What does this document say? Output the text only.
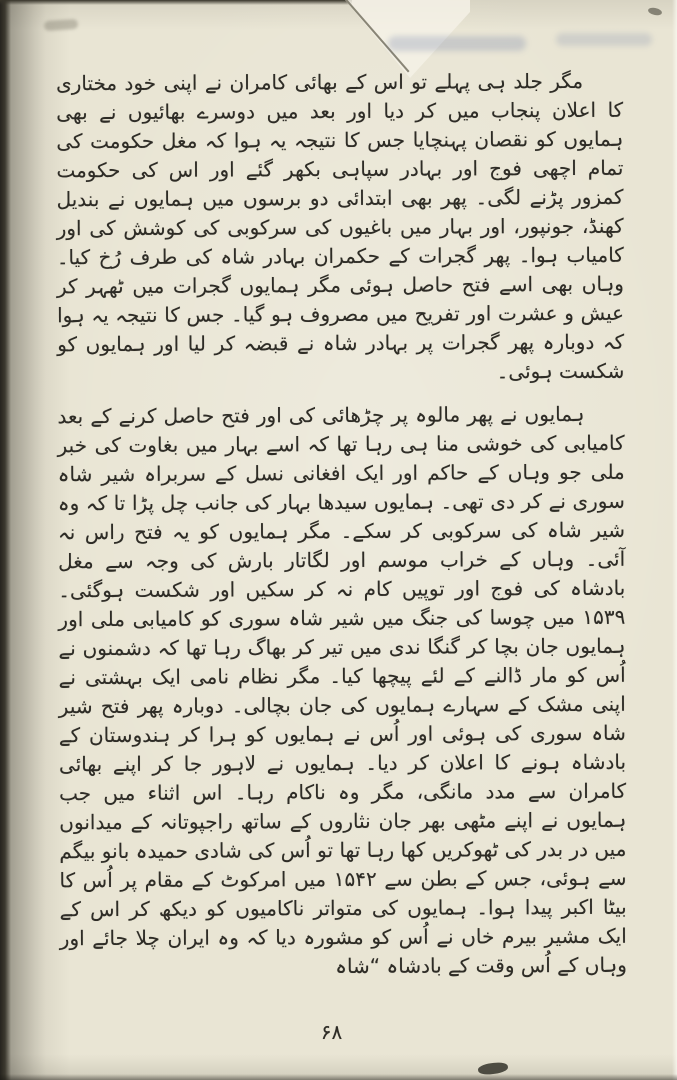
مگر جلد ہی پہلے تو اس کے بھائی کامران نے اپنی خود مختاری کا اعلان پنجاب میں کر دیا اور بعد میں دوسرے بھائیوں نے بھی ہمایوں کو نقصان پہنچایا جس کا نتیجہ یہ ہوا کہ مغل حکومت کی تمام اچھی فوج اور بہادر سپاہی بکھر گئے اور اس کی حکومت کمزور پڑنے لگی۔ پھر بھی ابتدائی دو برسوں میں ہمایوں نے بندیل کھنڈ، جونپور، اور بہار میں باغیوں کی سرکوبی کی کوشش کی اور کامیاب ہوا۔ پھر گجرات کے حکمران بہادر شاہ کی طرف رُخ کیا۔ وہاں بھی اسے فتح حاصل ہوئی مگر ہمایوں گجرات میں ٹھہر کر عیش و عشرت اور تفریح میں مصروف ہو گیا۔ جس کا نتیجہ یہ ہوا کہ دوبارہ پھر گجرات پر بہادر شاہ نے قبضہ کر لیا اور ہمایوں کو شکست ہوئی۔

ہمایوں نے پھر مالوہ پر چڑھائی کی اور فتح حاصل کرنے کے بعد کامیابی کی خوشی منا ہی رہا تھا کہ اسے بہار میں بغاوت کی خبر ملی جو وہاں کے حاکم اور ایک افغانی نسل کے سربراہ شیر شاہ سوری نے کر دی تھی۔ ہمایوں سیدھا بہار کی جانب چل پڑا تا کہ وہ شیر شاہ کی سرکوبی کر سکے۔ مگر ہمایوں کو یہ فتح راس نہ آئی۔ وہاں کے خراب موسم اور لگاتار بارش کی وجہ سے مغل بادشاہ کی فوج اور توپیں کام نہ کر سکیں اور شکست ہوگئی۔ ۱۵۳۹ میں چوسا کی جنگ میں شیر شاہ سوری کو کامیابی ملی اور ہمایوں جان بچا کر گنگا ندی میں تیر کر بھاگ رہا تھا کہ دشمنوں نے اُس کو مار ڈالنے کے لئے پیچھا کیا۔ مگر نظام نامی ایک بہشتی نے اپنی مشک کے سہارے ہمایوں کی جان بچالی۔ دوبارہ پھر فتح شیر شاہ سوری کی ہوئی اور اُس نے ہمایوں کو ہرا کر ہندوستان کے بادشاہ ہونے کا اعلان کر دیا۔ ہمایوں نے لاہور جا کر اپنے بھائی کامران سے مدد مانگی، مگر وہ ناکام رہا۔ اس اثناء میں جب ہمایوں نے اپنے مٹھی بھر جان نثاروں کے ساتھ راجپوتانہ کے میدانوں میں در بدر کی ٹھوکریں کھا رہا تھا تو اُس کی شادی حمیدہ بانو بیگم سے ہوئی، جس کے بطن سے ۱۵۴۲ میں امرکوٹ کے مقام پر اُس کا بیٹا اکبر پیدا ہوا۔ ہمایوں کی متواتر ناکامیوں کو دیکھ کر اس کے ایک مشیر بیرم خاں نے اُس کو مشورہ دیا کہ وہ ایران چلا جائے اور وہاں کے اُس وقت کے بادشاہ “شاہ

۶۸
